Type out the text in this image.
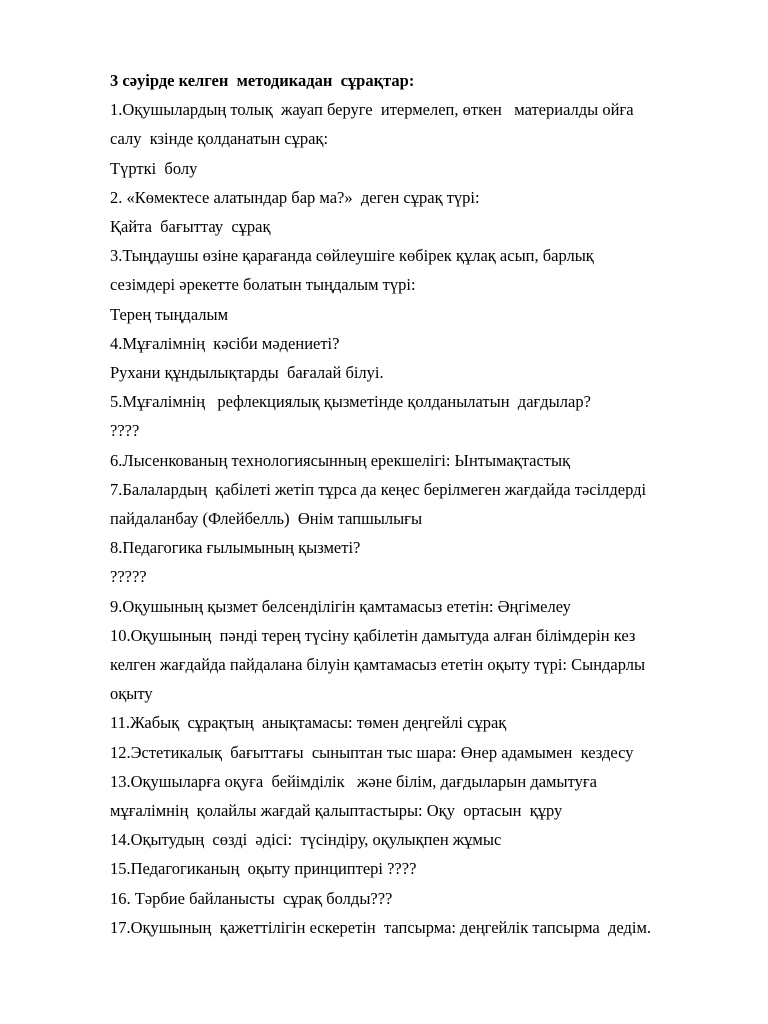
3 сәуірде келген  методикадан  сұрақтар:

1.Оқушылардың толық  жауап беруге  итермелеп, өткен   материалды ойға

салу  кзінде қолданатын сұрақ:

Түрткі  болу

2. «Көмектесе алатындар бар ма?»  деген сұрақ түрі:

Қайта  бағыттау  сұрақ

3.Тыңдаушы өзіне қарағанда сөйлеушіге көбірек құлақ асып, барлық

сезімдері әрекетте болатын тыңдалым түрі:

Терең тыңдалым

4.Мұғалімнің  кәсіби мәдениеті?

Рухани құндылықтарды  бағалай білуі.

5.Мұғалімнің   рефлекциялық қызметінде қолданылатын  дағдылар?

????

6.Лысенкованың технологиясынның ерекшелігі: Ынтымақтастық

7.Балалардың  қабілеті жетіп тұрса да кеңес берілмеген жағдайда тәсілдерді

пайдаланбау (Флейбелль)  Өнім тапшылығы

8.Педагогика ғылымының қызметі?

?????

9.Оқушының қызмет белсенділігін қамтамасыз ететін: Әңгімелеу

10.Оқушының  пәнді терең түсіну қабілетін дамытуда алған білімдерін кез

келген жағдайда пайдалана білуін қамтамасыз ететін оқыту түрі: Сындарлы

оқыту

11.Жабық  сұрақтың  анықтамасы: төмен деңгейлі сұрақ

12.Эстетикалық  бағыттағы  сыныптан тыс шара: Өнер адамымен  кездесу

13.Оқушыларға оқуға  бейімділік   және білім, дағдыларын дамытуға

мұғалімнің  қолайлы жағдай қалыптастыры: Оқу  ортасын  құру

14.Оқытудың  сөзді  әдісі:  түсіндіру, оқулықпен жұмыс

15.Педагогиканың  оқыту принциптері ????

16. Тәрбие байланысты  сұрақ болды???

17.Оқушының  қажеттілігін ескеретін  тапсырма: деңгейлік тапсырма  дедім.
